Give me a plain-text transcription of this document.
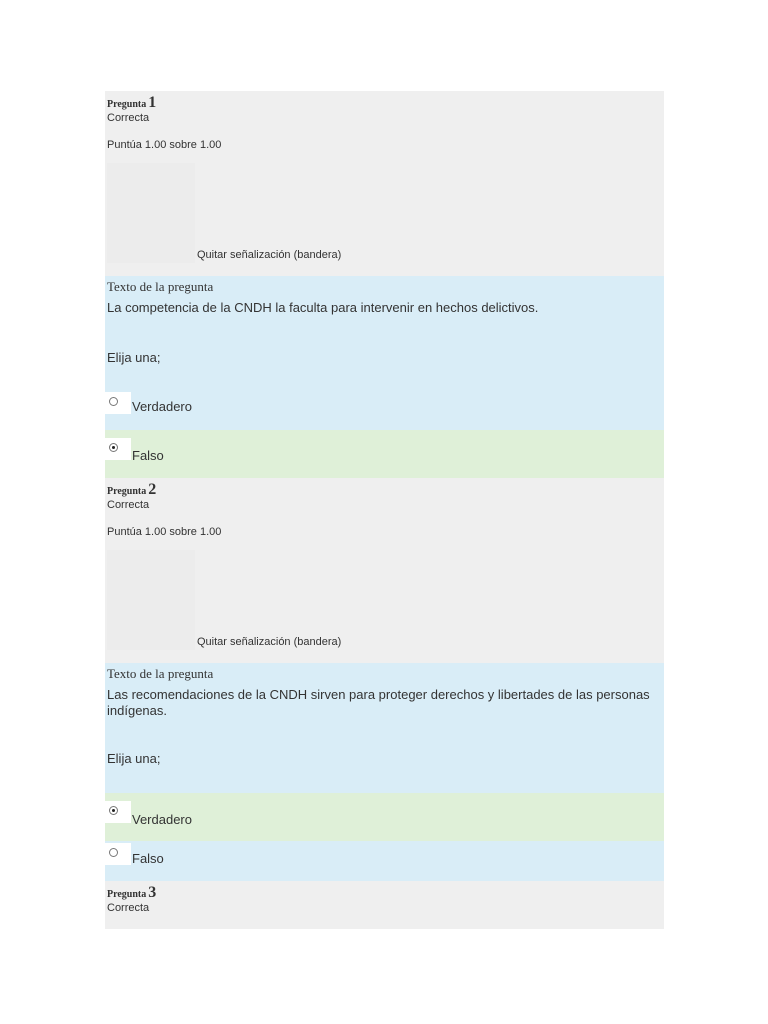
Pregunta 1
Correcta
Puntúa 1.00 sobre 1.00
Quitar señalización (bandera)
Texto de la pregunta
La competencia de la CNDH la faculta para intervenir en hechos delictivos.
Elija una;
Verdadero
Falso
Pregunta 2
Correcta
Puntúa 1.00 sobre 1.00
Quitar señalización (bandera)
Texto de la pregunta
Las recomendaciones de la CNDH sirven para proteger derechos y libertades de las personas indígenas.
Elija una;
Verdadero
Falso
Pregunta 3
Correcta
